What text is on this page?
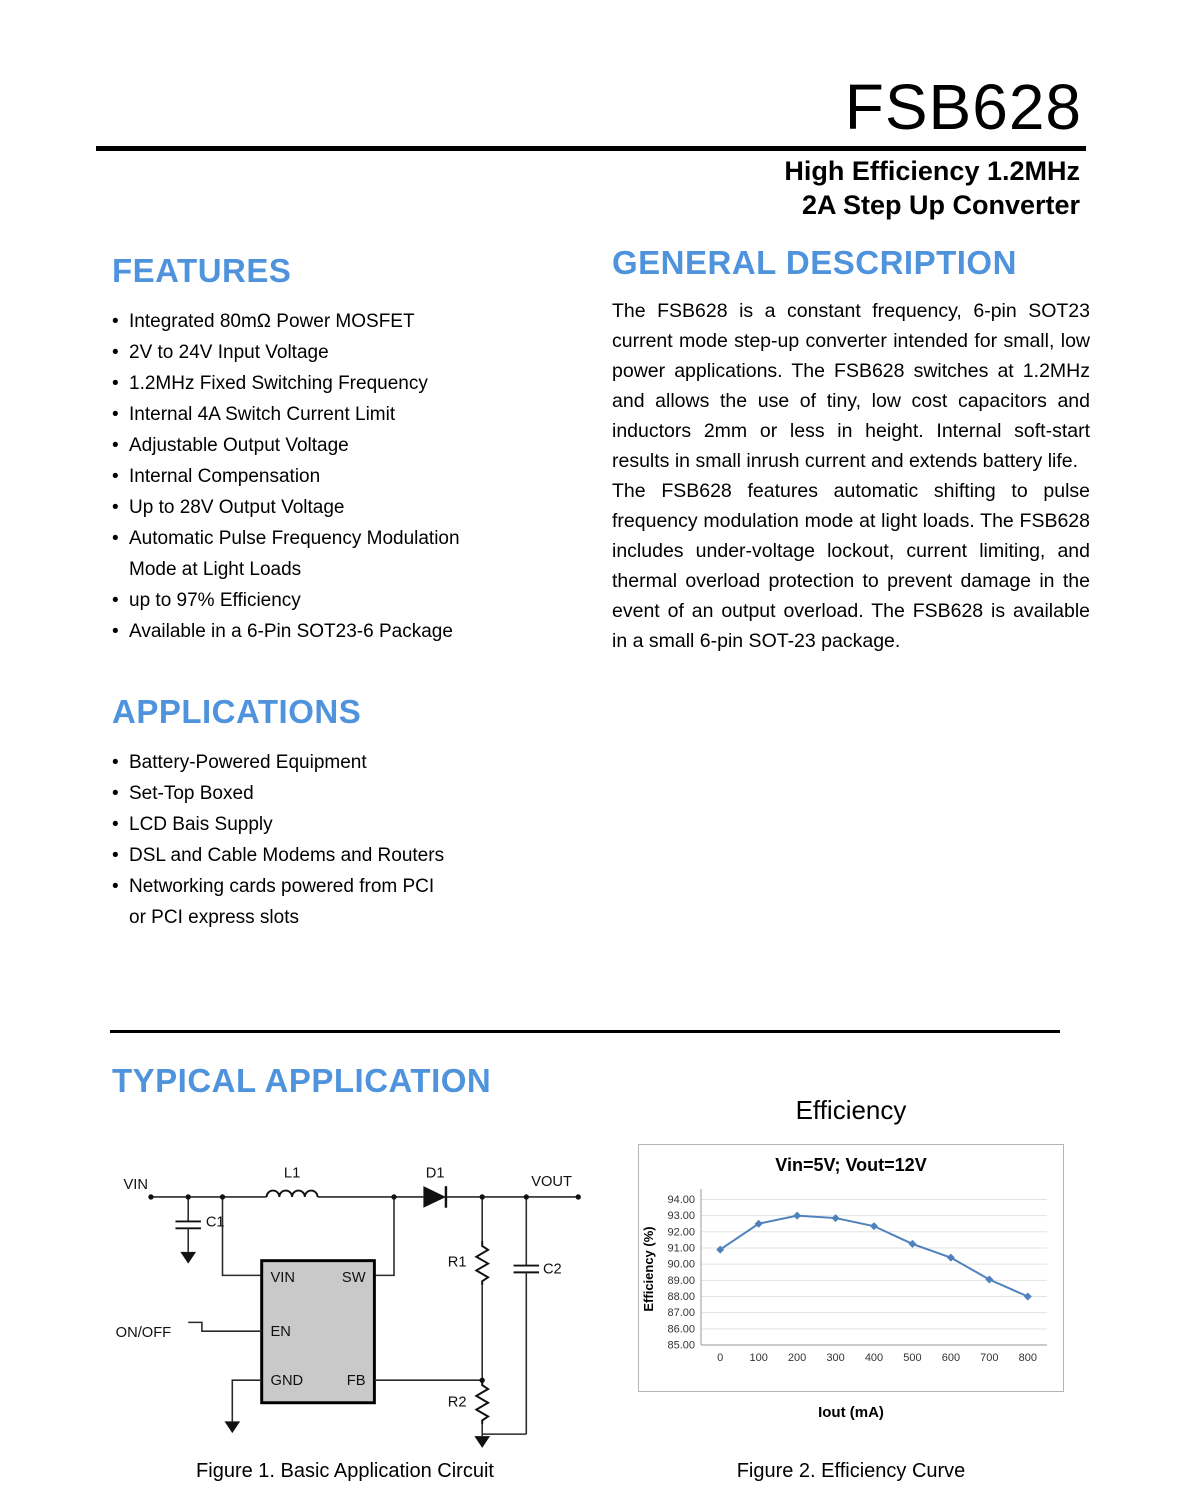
FSB628
High Efficiency 1.2MHz
2A Step Up Converter
FEATURES
• Integrated 80mΩ Power MOSFET
• 2V to 24V Input Voltage
• 1.2MHz Fixed Switching Frequency
• Internal 4A Switch Current Limit
• Adjustable Output Voltage
• Internal Compensation
• Up to 28V Output Voltage
• Automatic Pulse Frequency Modulation
Mode at Light Loads
• up to 97% Efficiency
• Available in a 6-Pin SOT23-6 Package
APPLICATIONS
• Battery-Powered Equipment
• Set-Top Boxed
• LCD Bais Supply
• DSL and Cable Modems and Routers
• Networking cards powered from PCI
or PCI express slots
GENERAL DESCRIPTION

The FSB628 is a constant frequency, 6-pin SOT23 current mode step-up converter intended for small, low power applications. The FSB628 switches at 1.2MHz and allows the use of tiny, low cost capacitors and inductors 2mm or less in height. Internal soft-start results in small inrush current and extends battery life.

The FSB628 features automatic shifting to pulse frequency modulation mode at light loads. The FSB628 includes under-voltage lockout, current limiting, and thermal overload protection to prevent damage in the event of an output overload. The FSB628 is available in a small 6-pin SOT-23 package.

TYPICAL APPLICATION
L1	D1
VIN	VOUT
C1
VIN	SW
EN
GND	FB
ON/OFF
R1
R2
C2
Efficiency
Vin=5V; Vout=12V
85.00
86.00
87.00
88.00
89.00
90.00
91.00
92.00
93.00
94.00
0 100 200 300 400 500 600 700 800
Efficiency (%)
Iout (mA)
Figure 1. Basic Application Circuit	Figure 2. Efficiency Curve
